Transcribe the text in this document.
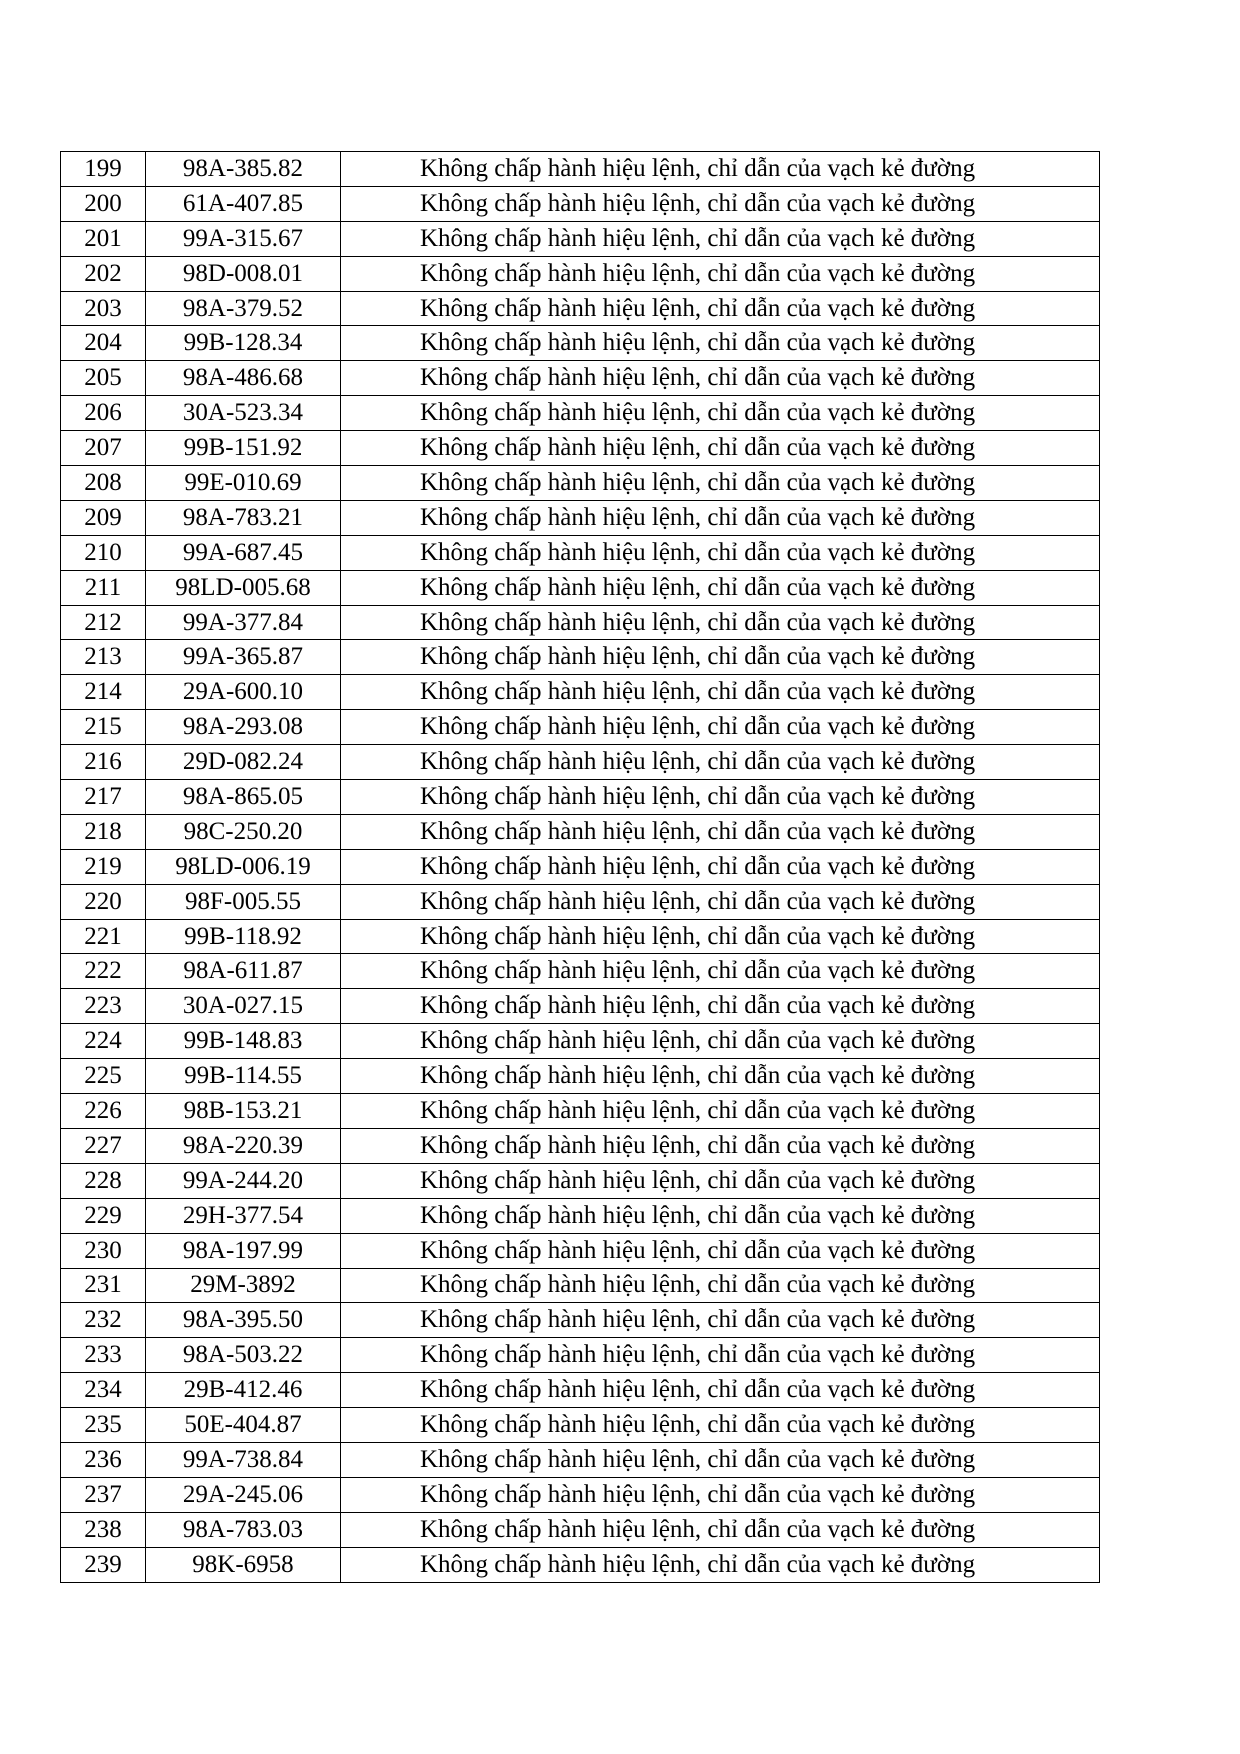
199	98A-385.82	Không chấp hành hiệu lệnh, chỉ dẫn của vạch kẻ đường
200	61A-407.85	Không chấp hành hiệu lệnh, chỉ dẫn của vạch kẻ đường
201	99A-315.67	Không chấp hành hiệu lệnh, chỉ dẫn của vạch kẻ đường
202	98D-008.01	Không chấp hành hiệu lệnh, chỉ dẫn của vạch kẻ đường
203	98A-379.52	Không chấp hành hiệu lệnh, chỉ dẫn của vạch kẻ đường
204	99B-128.34	Không chấp hành hiệu lệnh, chỉ dẫn của vạch kẻ đường
205	98A-486.68	Không chấp hành hiệu lệnh, chỉ dẫn của vạch kẻ đường
206	30A-523.34	Không chấp hành hiệu lệnh, chỉ dẫn của vạch kẻ đường
207	99B-151.92	Không chấp hành hiệu lệnh, chỉ dẫn của vạch kẻ đường
208	99E-010.69	Không chấp hành hiệu lệnh, chỉ dẫn của vạch kẻ đường
209	98A-783.21	Không chấp hành hiệu lệnh, chỉ dẫn của vạch kẻ đường
210	99A-687.45	Không chấp hành hiệu lệnh, chỉ dẫn của vạch kẻ đường
211	98LD-005.68	Không chấp hành hiệu lệnh, chỉ dẫn của vạch kẻ đường
212	99A-377.84	Không chấp hành hiệu lệnh, chỉ dẫn của vạch kẻ đường
213	99A-365.87	Không chấp hành hiệu lệnh, chỉ dẫn của vạch kẻ đường
214	29A-600.10	Không chấp hành hiệu lệnh, chỉ dẫn của vạch kẻ đường
215	98A-293.08	Không chấp hành hiệu lệnh, chỉ dẫn của vạch kẻ đường
216	29D-082.24	Không chấp hành hiệu lệnh, chỉ dẫn của vạch kẻ đường
217	98A-865.05	Không chấp hành hiệu lệnh, chỉ dẫn của vạch kẻ đường
218	98C-250.20	Không chấp hành hiệu lệnh, chỉ dẫn của vạch kẻ đường
219	98LD-006.19	Không chấp hành hiệu lệnh, chỉ dẫn của vạch kẻ đường
220	98F-005.55	Không chấp hành hiệu lệnh, chỉ dẫn của vạch kẻ đường
221	99B-118.92	Không chấp hành hiệu lệnh, chỉ dẫn của vạch kẻ đường
222	98A-611.87	Không chấp hành hiệu lệnh, chỉ dẫn của vạch kẻ đường
223	30A-027.15	Không chấp hành hiệu lệnh, chỉ dẫn của vạch kẻ đường
224	99B-148.83	Không chấp hành hiệu lệnh, chỉ dẫn của vạch kẻ đường
225	99B-114.55	Không chấp hành hiệu lệnh, chỉ dẫn của vạch kẻ đường
226	98B-153.21	Không chấp hành hiệu lệnh, chỉ dẫn của vạch kẻ đường
227	98A-220.39	Không chấp hành hiệu lệnh, chỉ dẫn của vạch kẻ đường
228	99A-244.20	Không chấp hành hiệu lệnh, chỉ dẫn của vạch kẻ đường
229	29H-377.54	Không chấp hành hiệu lệnh, chỉ dẫn của vạch kẻ đường
230	98A-197.99	Không chấp hành hiệu lệnh, chỉ dẫn của vạch kẻ đường
231	29M-3892	Không chấp hành hiệu lệnh, chỉ dẫn của vạch kẻ đường
232	98A-395.50	Không chấp hành hiệu lệnh, chỉ dẫn của vạch kẻ đường
233	98A-503.22	Không chấp hành hiệu lệnh, chỉ dẫn của vạch kẻ đường
234	29B-412.46	Không chấp hành hiệu lệnh, chỉ dẫn của vạch kẻ đường
235	50E-404.87	Không chấp hành hiệu lệnh, chỉ dẫn của vạch kẻ đường
236	99A-738.84	Không chấp hành hiệu lệnh, chỉ dẫn của vạch kẻ đường
237	29A-245.06	Không chấp hành hiệu lệnh, chỉ dẫn của vạch kẻ đường
238	98A-783.03	Không chấp hành hiệu lệnh, chỉ dẫn của vạch kẻ đường
239	98K-6958	Không chấp hành hiệu lệnh, chỉ dẫn của vạch kẻ đường
